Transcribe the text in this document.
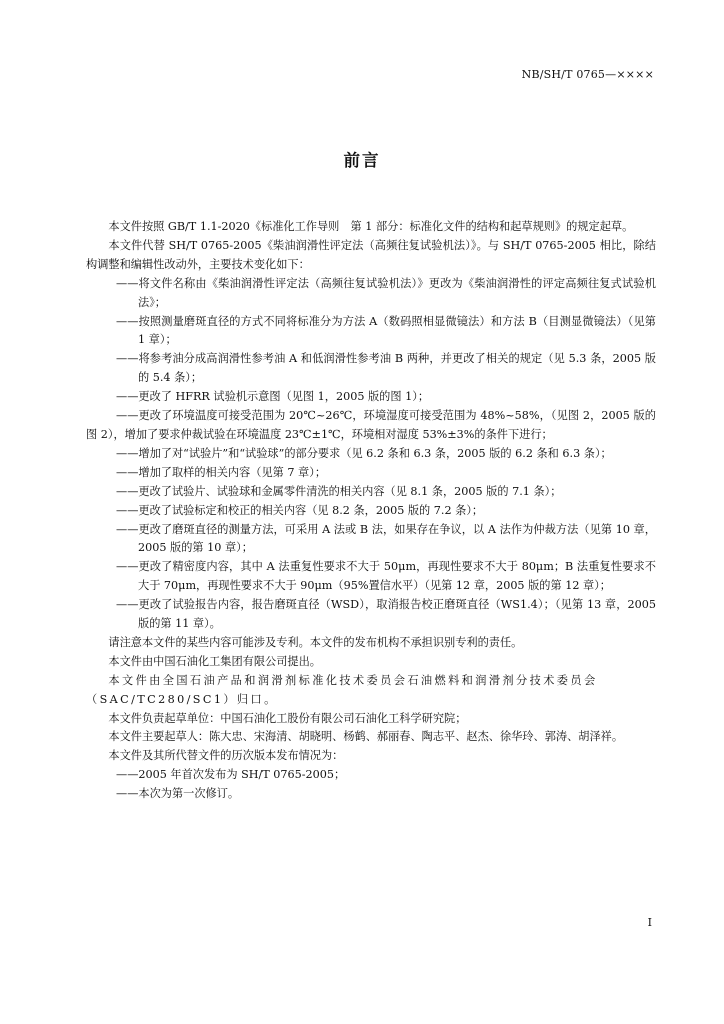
NB/SH/T 0765—××××
前言

本文件按照 GB/T 1.1-2020《标准化工作导则　第 1 部分：标准化文件的结构和起草规则》的规定起草。

本文件代替 SH/T 0765-2005《柴油润滑性评定法（高频往复试验机法）》。与 SH/T 0765-2005 相比，除结构调整和编辑性改动外，主要技术变化如下：

——将文件名称由《柴油润滑性评定法（高频往复试验机法）》更改为《柴油润滑性的评定高频往复式试验机法》；

——按照测量磨斑直径的方式不同将标准分为方法 A（数码照相显微镜法）和方法 B（目测显微镜法）（见第 1 章）；

——将参考油分成高润滑性参考油 A 和低润滑性参考油 B 两种，并更改了相关的规定（见 5.3 条，2005 版的 5.4 条）；

——更改了 HFRR 试验机示意图（见图 1，2005 版的图 1）；

——更改了环境温度可接受范围为 20℃~26℃，环境湿度可接受范围为 48%~58%，（见图 2，2005 版的图 2），增加了要求仲裁试验在环境温度 23℃±1℃，环境相对湿度 53%±3%的条件下进行；

——增加了对“试验片”和“试验球”的部分要求（见 6.2 条和 6.3 条，2005 版的 6.2 条和 6.3 条）；

——增加了取样的相关内容（见第 7 章）；

——更改了试验片、试验球和金属零件清洗的相关内容（见 8.1 条，2005 版的 7.1 条）；

——更改了试验标定和校正的相关内容（见 8.2 条，2005 版的 7.2 条）；

——更改了磨斑直径的测量方法，可采用 A 法或 B 法，如果存在争议，以 A 法作为仲裁方法（见第 10 章，2005 版的第 10 章）；

——更改了精密度内容，其中 A 法重复性要求不大于 50μm，再现性要求不大于 80μm；B 法重复性要求不大于 70μm，再现性要求不大于 90μm（95%置信水平）（见第 12 章，2005 版的第 12 章）；

——更改了试验报告内容，报告磨斑直径（WSD），取消报告校正磨斑直径（WS1.4）；（见第 13 章，2005 版的第 11 章）。

请注意本文件的某些内容可能涉及专利。本文件的发布机构不承担识别专利的责任。

本文件由中国石油化工集团有限公司提出。

本文件由全国石油产品和润滑剂标准化技术委员会石油燃料和润滑剂分技术委员会（SAC/TC280/SC1）归口。

本文件负责起草单位：中国石油化工股份有限公司石油化工科学研究院；

本文件主要起草人：陈大忠、宋海清、胡晓明、杨鹤、郝丽春、陶志平、赵杰、徐华玲、郭涛、胡泽祥。

本文件及其所代替文件的历次版本发布情况为：

——2005 年首次发布为 SH/T 0765-2005；

——本次为第一次修订。

I
